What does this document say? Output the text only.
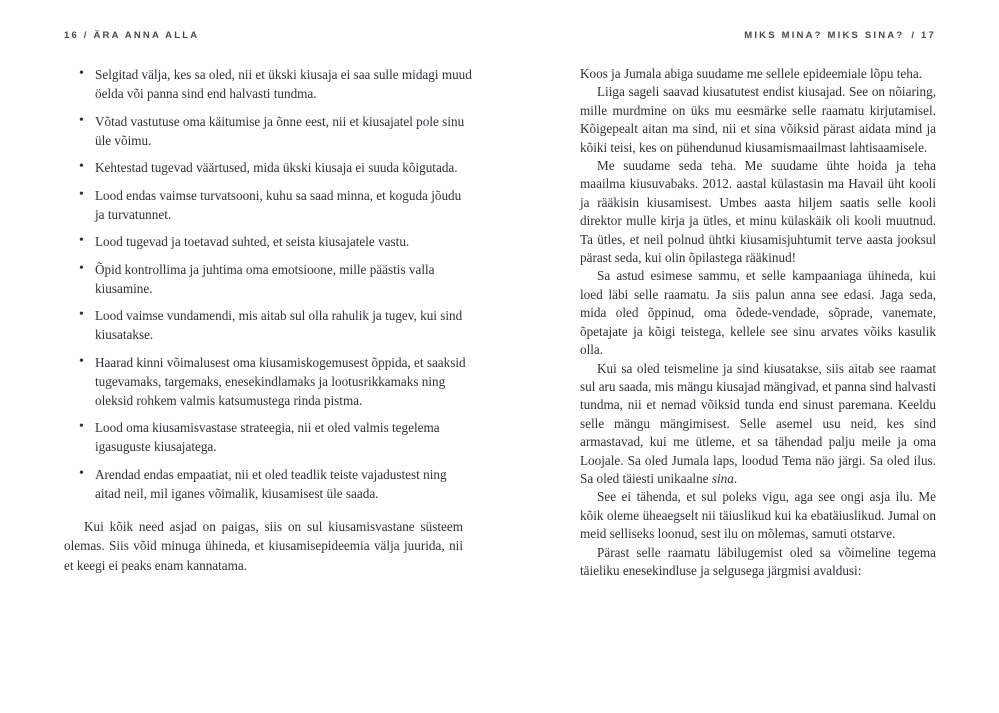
16 / ÄRA ANNA ALLA
• Selgitad välja, kes sa oled, nii et ükski kiusaja ei saa sulle midagi muud öelda või panna sind end halvasti tundma.
• Võtad vastutuse oma käitumise ja õnne eest, nii et kiusajatel pole sinu üle võimu.
• Kehtestad tugevad väärtused, mida ükski kiusaja ei suuda kõigutada.
• Lood endas vaimse turvatsooni, kuhu sa saad minna, et koguda jõudu ja turvatunnet.
• Lood tugevad ja toetavad suhted, et seista kiusajatele vastu.
• Õpid kontrollima ja juhtima oma emotsioone, mille päästis valla kiusamine.
• Lood vaimse vundamendi, mis aitab sul olla rahulik ja tugev, kui sind kiusatakse.
• Haarad kinni võimalusest oma kiusamiskogemusest õppida, et saaksid tugevamaks, targemaks, enesekindlamaks ja lootusrikkamaks ning oleksid rohkem valmis katsumustega rinda pistma.
• Lood oma kiusamisvastase strateegia, nii et oled valmis tegelema igasuguste kiusajatega.
• Arendad endas empaatiat, nii et oled teadlik teiste vajadustest ning aitad neil, mil iganes võimalik, kiusamisest üle saada.

Kui kõik need asjad on paigas, siis on sul kiusamisvastane süsteem olemas. Siis võid minuga ühineda, et kiusamisepideemia välja juurida, nii et keegi ei peaks enam kannatama.

MIKS MINA? MIKS SINA? / 17

Koos ja Jumala abiga suudame me sellele epideemiale lõpu teha.

Liiga sageli saavad kiusatutest endist kiusajad. See on nõiaring, mille murdmine on üks mu eesmärke selle raamatu kirjutamisel. Kõigepealt aitan ma sind, nii et sina võiksid pärast aidata mind ja kõiki teisi, kes on pühendunud kiusamismaailmast lahtisaamisele.

Me suudame seda teha. Me suudame ühte hoida ja teha maailma kiusuvabaks. 2012. aastal külastasin ma Havail üht kooli ja rääkisin kiusamisest. Umbes aasta hiljem saatis selle kooli direktor mulle kirja ja ütles, et minu külaskäik oli kooli muutnud. Ta ütles, et neil polnud ühtki kiusamisjuhtumit terve aasta jooksul pärast seda, kui olin õpilastega rääkinud!

Sa astud esimese sammu, et selle kampaaniaga ühineda, kui loed läbi selle raamatu. Ja siis palun anna see edasi. Jaga seda, mida oled õppinud, oma õdede-vendade, sõprade, vanemate, õpetajate ja kõigi teistega, kellele see sinu arvates võiks kasulik olla.

Kui sa oled teismeline ja sind kiusatakse, siis aitab see raamat sul aru saada, mis mängu kiusajad mängivad, et panna sind halvasti tundma, nii et nemad võiksid tunda end sinust paremana. Keeldu selle mängu mängimisest. Selle asemel usu neid, kes sind armastavad, kui me ütleme, et sa tähendad palju meile ja oma Loojale. Sa oled Jumala laps, loodud Tema näo järgi. Sa oled ilus. Sa oled täiesti unikaalne sina.

See ei tähenda, et sul poleks vigu, aga see ongi asja ilu. Me kõik oleme üheaegselt nii täiuslikud kui ka ebatäiuslikud. Jumal on meid selliseks loonud, sest ilu on mõlemas, samuti otstarve.

Pärast selle raamatu läbilugemist oled sa võimeline tegema täieliku enesekindluse ja selgusega järgmisi avaldusi:
